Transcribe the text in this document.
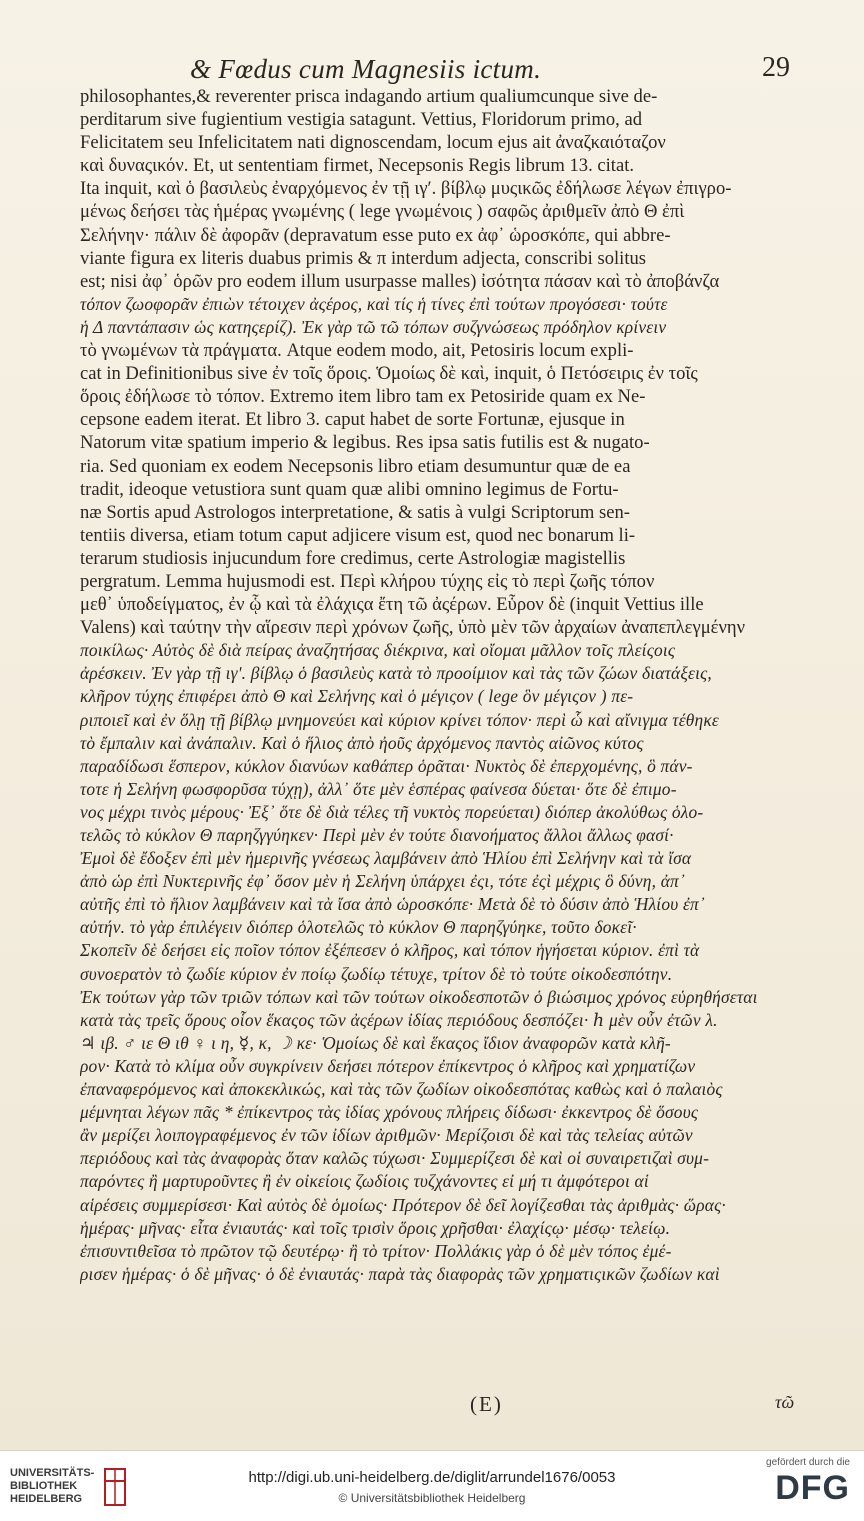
& Fœdus cum Magnesiis ictum.	29
philosophantes,& reverenter prisca indagando artium qualiumcunque sive de-
perditarum sive fugientium vestigia satagunt. Vettius, Floridorum primo, ad
Felicitatem seu Infelicitatem nati dignoscendam, locum ejus ait ἀναζκαιόταζον
καὶ δυναςικόν. Et, ut sententiam firmet, Necepsonis Regis librum 13. citat.
Ita inquit, καὶ ὁ βασιλεὺς ἐναρχόμενος ἐν τῇ ιγʹ. βίβλῳ μυςικῶς ἐδήλωσε λέγων ἐπιγρο-
μένως δεήσει τὰς ἡμέρας γνωμένης ( lege γνωμένοις ) σαφῶς ἀριθμεῖν ἀπὸ Θ ἐπὶ
Σελήνην· πάλιν δὲ ἀφορᾶν (depravatum esse puto ex ἀφ᾽ ὡροσκόπε, qui abbre-
viante figura ex literis duabus primis & π interdum adjecta, conscribi solitus
est; nisi ἀφ᾽ ὁρῶν pro eodem illum usurpasse malles) ἰσότητα πάσαν καὶ τὸ ἀποβάνζα
τόπον ζωοφορᾶν ἐπιὼν τέτοιχεν ἀςέρος, καὶ τίς ἡ τίνες ἐπὶ τούτων προγόσεσι· τούτε
ἡ Δ παντάπασιν ὡς κατηςερίζ). Ἐκ γὰρ τῶ τῶ τόπων συζγνώσεως πρόδηλον κρίνειν
τὸ γνωμένων τὰ πράγματα. Atque eodem modo, ait, Petosiris locum expli-
cat in Definitionibus sive ἐν τοῖς ὅροις. Ὁμοίως δὲ καὶ, inquit, ὁ Πετόσειρις ἐν τοῖς
ὅροις ἐδήλωσε τὸ τόπον. Extremo item libro tam ex Petosiride quam ex Ne-
cepsone eadem iterat. Et libro 3. caput habet de sorte Fortunæ, ejusque in
Natorum vitæ spatium imperio & legibus. Res ipsa satis futilis est & nugato-
ria. Sed quoniam ex eodem Necepsonis libro etiam desumuntur quæ de ea
tradit, ideoque vetustiora sunt quam quæ alibi omnino legimus de Fortu-
næ Sortis apud Astrologos interpretatione, & satis à vulgi Scriptorum sen-
tentiis diversa, etiam totum caput adjicere visum est, quod nec bonarum li-
terarum studiosis injucundum fore credimus, certe Astrologiæ magistellis
pergratum. Lemma hujusmodi est. Περὶ κλήρου τύχης εἰς τὸ περὶ ζωῆς τόπον
μεθ᾽ ὑποδείγματος, ἐν ᾧ καὶ τὰ ἐλάχιςα ἔτη τῶ ἀςέρων. Εὗρον δὲ (inquit Vettius ille
Valens) καὶ ταύτην τὴν αἵρεσιν περὶ χρόνων ζωῆς, ὑπὸ μὲν τῶν ἀρχαίων ἀναπεπλεγμένην
ποικίλως· Αὐτὸς δὲ διὰ πείρας ἀναζητήσας διέκρινα, καὶ οἴομαι μᾶλλον τοῖς πλείςοις
ἀρέσκειν. Ἐν γὰρ τῇ ιγʹ. βίβλῳ ὁ βασιλεὺς κατὰ τὸ προοίμιον καὶ τὰς τῶν ζώων διατάξεις,
κλῆρον τύχης ἐπιφέρει ἀπὸ Θ καὶ Σελήνης καὶ ὁ μέγιςον ( lege ὃν μέγιςον ) πε-
ριποιεῖ καὶ ἐν ὅλῃ τῇ βίβλῳ μνημονεύει καὶ κύριον κρίνει τόπον· περὶ ὧ καὶ αἴνιγμα τέθηκε
τὸ ἔμπαλιν καὶ ἀνάπαλιν. Καὶ ὁ ἥλιος ἀπὸ ἠοῦς ἀρχόμενος παντὸς αἰῶνος κύτος
παραδίδωσι ἕσπερον, κύκλον διανύων καθάπερ ὁρᾶται· Νυκτὸς δὲ ἐπερχομένης, ὃ πάν-
τοτε ἡ Σελήνη φωσφορῦσα τύχῃ), ἀλλ᾽ ὅτε μὲν ἑσπέρας φαίνεσα δύεται· ὅτε δὲ ἐπιμο-
νος μέχρι τινὸς μέρους· Ἐξ᾽ ὅτε δὲ διὰ τέλες τῆ νυκτὸς πορεύεται) διόπερ ἀκολύθως ὁλο-
τελῶς τὸ κύκλον Θ παρηζγγύηκεν· Περὶ μὲν ἐν τούτε διανοήματος ἄλλοι ἄλλως φασί·
Ἐμοὶ δὲ ἔδοξεν ἐπὶ μὲν ἡμερινῆς γνέσεως λαμβάνειν ἀπὸ Ἡλίου ἐπὶ Σελήνην καὶ τὰ ἴσα
ἀπὸ ὡρ ἐπὶ Νυκτερινῆς ἐφ᾽ ὅσον μὲν ἡ Σελήνη ὑπάρχει ἐςι, τότε ἐςὶ μέχρις ὃ δύνη, ἀπ᾽
αὐτῆς ἐπὶ τὸ ἥλιον λαμβάνειν καὶ τὰ ἴσα ἀπὸ ὡροσκόπε· Μετὰ δὲ τὸ δύσιν ἀπὸ Ἡλίου ἐπ᾽
αὐτήν. τὸ γὰρ ἐπιλέγειν διόπερ ὁλοτελῶς τὸ κύκλον Θ παρηζγύηκε, τοῦτο δοκεῖ·
Σκοπεῖν δὲ δεήσει εἰς ποῖον τόπον ἐξέπεσεν ὁ κλῆρος, καὶ τόπον ἡγήσεται κύριον. ἐπὶ τὰ
συνοερατὸν τὸ ζωδίε κύριον ἐν ποίῳ ζωδίῳ τέτυχε, τρίτον δὲ τὸ τούτε οἰκοδεσπότην.
Ἐκ τούτων γὰρ τῶν τριῶν τόπων καὶ τῶν τούτων οἰκοδεσποτῶν ὁ βιώσιμος χρόνος εὑρηθήσεται
κατὰ τὰς τρεῖς ὅρους οἷον ἕκαςος τῶν ἀςέρων ἰδίας περιόδους δεσπόζει· ℎ μὲν οὖν ἐτῶν λ.
♃ ιβ. ♂ ιε Θ ιθ ♀ ι η, ☿, κ, ☽ κε· Ὁμοίως δὲ καὶ ἕκαςος ἴδιον ἀναφορῶν κατὰ κλῆ-
ρον· Κατὰ τὸ κλίμα οὖν συγκρίνειν δεήσει πότερον ἐπίκεντρος ὁ κλῆρος καὶ χρηματίζων
ἐπαναφερόμενος καὶ ἀποκεκλικώς, καὶ τὰς τῶν ζωδίων οἰκοδεσπότας καθὼς καὶ ὁ παλαιὸς
μέμνηται λέγων πᾶς * ἐπίκεντρος τὰς ἰδίας χρόνους πλήρεις δίδωσι· ἐκκεντρος δὲ ὅσους
ἂν μερίζει λοιπογραφέμενος ἐν τῶν ἰδίων ἀριθμῶν· Μερίζοισι δὲ καὶ τὰς τελείας αὐτῶν
περιόδους καὶ τὰς ἀναφορὰς ὅταν καλῶς τύχωσι· Συμμερίζεσι δὲ καὶ οἱ συναιρετιζαὶ συμ-
παρόντες ἢ μαρτυροῦντες ἢ ἐν οἰκείοις ζωδίοις τυζχάνοντες εἰ μή τι ἀμφότεροι αἱ
αἱρέσεις συμμερίσεσι· Καὶ αὐτὸς δὲ ὁμοίως· Πρότερον δὲ δεῖ λογίζεσθαι τὰς ἀριθμὰς· ὥρας·
ἡμέρας· μῆνας· εἶτα ἐνιαυτάς· καὶ τοῖς τρισὶν ὅροις χρῆσθαι· ἐλαχίςῳ· μέσῳ· τελείῳ.
ἐπισυντιθεῖσα τὸ πρῶτον τῷ δευτέρῳ· ἢ τὸ τρίτον· Πολλάκις γὰρ ὁ δὲ μὲν τόπος ἐμέ-
ρισεν ἡμέρας· ὁ δὲ μῆνας· ὁ δὲ ἐνιαυτάς· παρὰ τὰς διαφορὰς τῶν χρηματιςικῶν ζωδίων καὶ
(E)	τῶ
UNIVERSITÄTS-
BIBLIOTHEK
HEIDELBERG
http://digi.ub.uni-heidelberg.de/diglit/arrundel1676/0053
© Universitätsbibliothek Heidelberg
gefördert durch die
DFG
